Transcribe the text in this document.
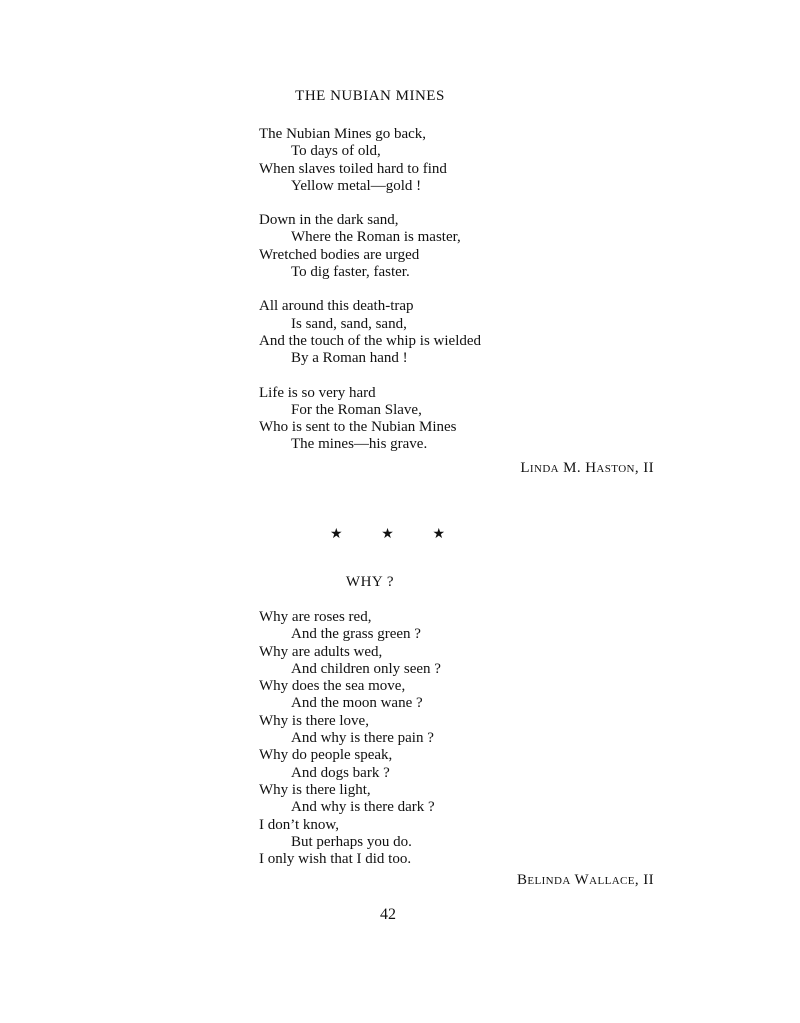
THE NUBIAN MINES
The Nubian Mines go back,
To days of old,
When slaves toiled hard to find
Yellow metal—gold !
Down in the dark sand,
Where the Roman is master,
Wretched bodies are urged
To dig faster, faster.
All around this death-trap
Is sand, sand, sand,
And the touch of the whip is wielded
By a Roman hand !
Life is so very hard
For the Roman Slave,
Who is sent to the Nubian Mines
The mines—his grave.

Linda M. Haston, II

★	★	★
WHY ?
Why are roses red,
And the grass green ?
Why are adults wed,
And children only seen ?
Why does the sea move,
And the moon wane ?
Why is there love,
And why is there pain ?
Why do people speak,
And dogs bark ?
Why is there light,
And why is there dark ?
I don’t know,
But perhaps you do.
I only wish that I did too.

Belinda Wallace, II

42
